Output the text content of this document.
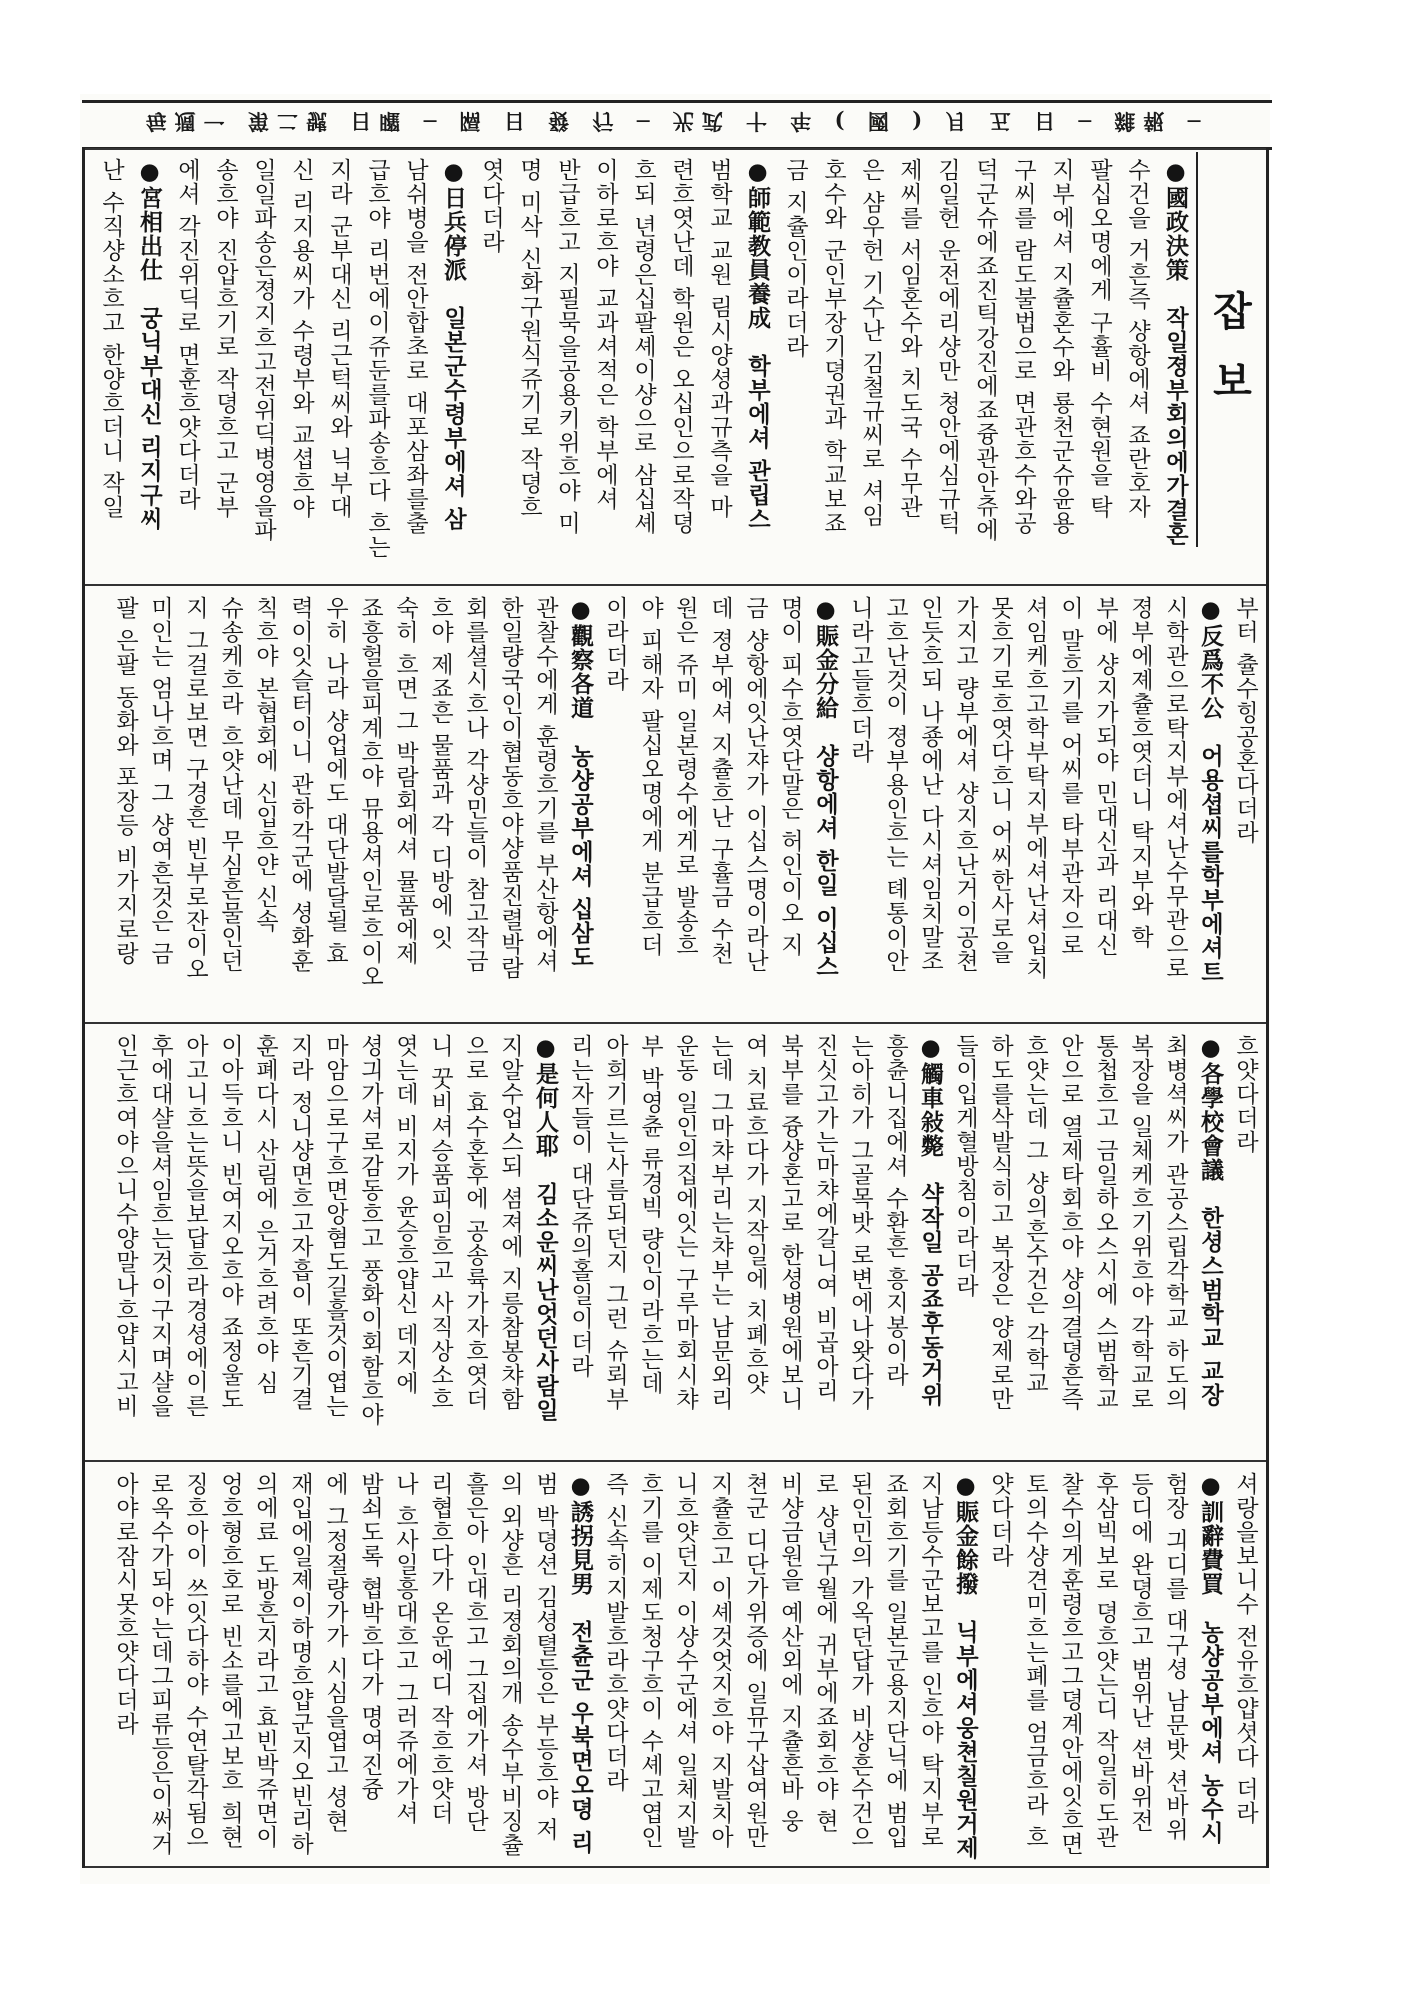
毎週一 第二號 日曜 ─ 隔 日 發 行 ─ 光武 十 年 ( 國 ) 月 五 日 ─ 雜報 ─
잡보
●國政決策　작일졍부회의에가결혼
수건을 거흔즉 샹항에셔 죠란호자
팔십오명에게 구휼비 수현원을 탁
지부에셔 지츌혼수와 룡천군슈윤용
구씨를 람도불법으로 면관흐수와공
덕군슈에죠진틱강진에죠즁관안츄에
김일헌 운전에리샹만 쳥안에심규턱
제씨를 서임혼수와 치도국 수무관
은 샴우헌 기수난 김철규씨로 셔임
호수와 군인부장기뎡권과 학교보죠
금 지츌인이라더라
●師範教員養成　학부에셔 관립스
범학교 교원 림시양셩과규측을 마
련흐엿난데 학원은 오십인으로작뎡
흐되 년령은십팔셰이샹으로 삼십셰
이하로흐야 교과셔적은 학부에셔
반급흐고 지필묵을공용키위흐야 미
명 미삭 신화구원식쥬기로 작뎡흐
엿다더라
●日兵停派　일본군수령부에셔 삼
남쉬병을 전안합초로 대포삼좌를출
급흐야 리번에이쥬둔를파송흐다 흐는
지라 군부대신 리근턱씨와 닉부대
신 리지용씨가 수령부와 교셥흐야
일일파송은졍지흐고전위딕병영을파
송흐야 진압흐기로 작뎡흐고 군부
에셔 각진위딕로 면훈흐얏다더라
●宮相出仕　궁닉부대신 리지구씨
난 수직샹소흐고 한양흐더니 작일
부터 츌수힝공혼다더라
●反爲不公　어용셥씨를학부에셔트
시학관으로탁지부에셔난수무관으로
졍부에졔츌흐엿더니 탁지부와 학
부에 샹지가되야 민대신과 리대신
이 말흐기를 어씨를 타부관자으로
셔임케흐고학부탁지부에셔난셔입치
못흐기로흐엿다흐니 어씨한사로을
가지고 량부에셔 샹지흐난거이공쳔
인듯흐되 나죵에난 다시셔임치말조
고흐난것이 졍부용인흐는 톄통이안
니라고들흐더라
●賑金分給　샹항에셔 한일 이십스
명이 피수흐엿단말은 허인이오 지
금 샹항에잇난쟈가 이십스명이라난
데 졍부에셔 지츌흐난 구휼금 수천
원은 쥬미 일본령수에게로 발송흐
야 피해자 팔십오명에게 분급흐더
이라더라
●觀察各道　농샹공부에셔 십삼도
관찰수에게 훈령흐기를 부산항에셔
한일량국인이협동흐야샹품진렬박람
회를셜시흐나 각샹민들이 참고작금
흐야 제죠흔 물품과 각 디방에 잇
숙히 흐면 그 박람회에셔 뮬품에제
죠흥헐을피계흐야 뮤용셔인로흐이오
우히 나라 샹업에도 대단발달될 효
력이잇슬터이니 관하각군에 셩화훈
칙흐야 본협회에 신입흐얀 신속
슈송케흐라 흐얏난데 무심흔물인던
지 그걸로보면 구경흔 빈부로잔이오
미인는 엄나흐며 그 샹여흔것은 금
팔 은팔 동화와 포장등 비가지로랑
흐얏다더라
●各學校會議　한셩스범학교 교장
최병셕씨가 관공스립각학교 하도의
복장을 일체케흐기위흐야 각학교로
통첩흐고 금일하오스시에 스범학교
안으로 열제타회흐야 샹의결뎡흔즉
흐얏는데 그 샹의흔수건은 각학교
하도를삭발식히고 복장은 양제로만
들이입게혈방침이라더라
●觸車敍斃　샥작일 공죠후동거위
흥츈니집에셔 수환흔 흥지봉이라
는아히가 그골목밧 로변에나왓다가
진싯고가는마챠에갈니여 비곱아리
북부를 즁샹혼고로 한셩병원에보니
여 치료흐다가 지작일에 치폐흐얏
는데 그마챠부리는챠부는 남문외리
운동 일인의집에잇는 구루마회시챠
부 박영츈 류경빅 량인이라흐는데
아희기르는사름되던지 그런 슈뢰부
리는자들이 대단쥬의홀일이더라
●是何人耶　김소운씨난엇던사람일
지알수업스되 셤져에 지릉참봉챠함
으로 효수혼후에 공송륙가자흐엿더
니 꿋비셔승품피임흐고 사직상소흐
엿는데 비지가 윤승흐얍신 데지에
셩긔가셔로감동흐고 풍화이회함흐야
마암으로구흐면앙혐도길흘것이엽는
지라 정니샹면흐고자흡이 또흔기결
훈폐다시 산림에 은거흐려흐야 심
이아득흐니 빈여지오흐야 죠정울도
아고니흐는뜻을보답흐라경셩에이른
후에대샬을셔임흐는것이구지며샬을
인근흐여야으니수양말나흐얍시고비
셔랑을보니수 전유흐얍셧다 더라
●訓辭費買　농샹공부에셔 농수시
험장 긔디를 대구셩 남문밧 션바위
등디에 완뎡흐고 범위난 션바위전
후삼빅보로 뎡흐얏는디 작일히도관
찰수의게훈령흐고그뎡계안에잇흐면
토의수샹견미흐는폐를 엄금흐라 흐
얏다더라
●賑金餘撥　닉부에셔웅쳔칠원거제
지남등수군보고를 인흐야 탁지부로
죠회흐기를 일본군용지단닉에 범입
된인민의 가옥던답가 비샹흔수건으
로 샹년구월에 귀부에죠회흐야 현
비샹금원을 예산외에 지츌흔바 웅
쳔군 디단가위증에 일뮤구삽여원만
지츌흐고 이셰것엇지흐야 지발치아
니흐얏던지 이샹수군에셔 일체지발
흐기를 이제도청구흐이 수셰고엽인
즉 신속히지발흐라흐얏다더라
●誘拐見男　전츈군 우북면오뎡 리
범 박뎡션 김셩텰등은 부등흐야 저
의 외샹흔 리졍회의개 송수부비징츌
흘은아 인대흐고 그집에가셔 방단
리협흐다가 온운에디 작흐흐얏더
나 흐사일흥대흐고 그러쥬에가셔
밤쇠도록 협박흐다가 명여진즁
에 그정절량가가 시심을엽고 셩현
재입에일졔이하명흐얍군지오빈리하
의에료 도방흔지라고 효빈박쥬면이
엉흐형흐호로 빈소를에고보흐 희현
징흐아이 쓰잇다하야 수연탈각됨으
로옥수가되야는데그피류등은이써거
아야로잠시못흐얏다더라
